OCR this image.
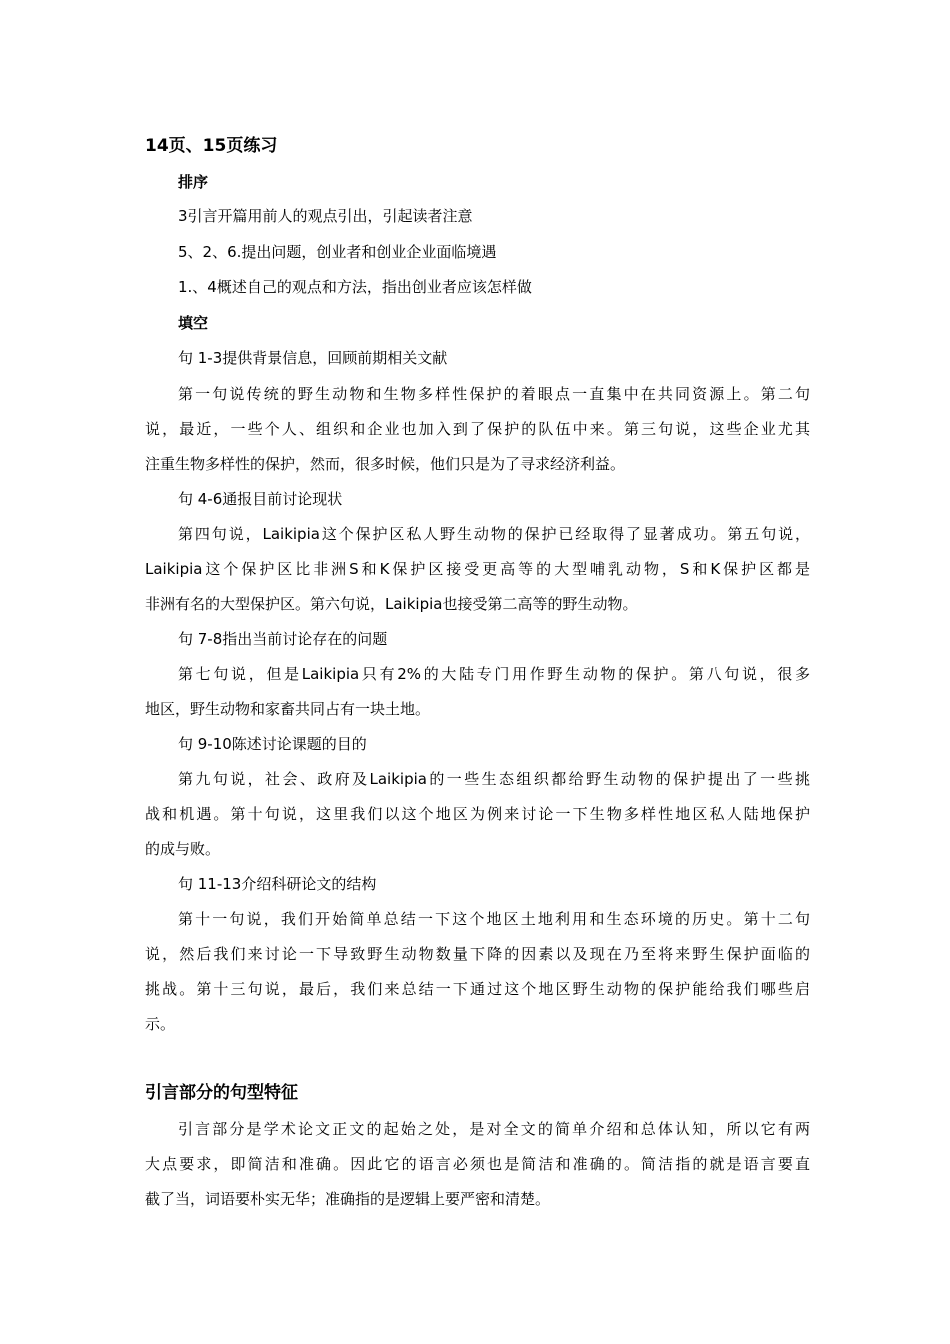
14页、15页练习
排序
3引言开篇用前人的观点引出，引起读者注意
5、2、6.提出问题，创业者和创业企业面临境遇
1.、4概述自己的观点和方法，指出创业者应该怎样做
填空
句 1-3提供背景信息，回顾前期相关文献
第一句说传统的野生动物和生物多样性保护的着眼点一直集中在共同资源上。第二句
说，最近，一些个人、组织和企业也加入到了保护的队伍中来。第三句说，这些企业尤其
注重生物多样性的保护，然而，很多时候，他们只是为了寻求经济利益。
句 4-6通报目前讨论现状
第四句说，Laikipia这个保护区私人野生动物的保护已经取得了显著成功。第五句说，
Laikipia这个保护区比非洲S和K保护区接受更高等的大型哺乳动物，S和K保护区都是
非洲有名的大型保护区。第六句说，Laikipia也接受第二高等的野生动物。
句 7-8指出当前讨论存在的问题
第七句说，但是Laikipia只有2%的大陆专门用作野生动物的保护。第八句说，很多
地区，野生动物和家畜共同占有一块土地。
句 9-10陈述讨论课题的目的
第九句说，社会、政府及Laikipia的一些生态组织都给野生动物的保护提出了一些挑
战和机遇。第十句说，这里我们以这个地区为例来讨论一下生物多样性地区私人陆地保护
的成与败。
句 11-13介绍科研论文的结构
第十一句说，我们开始简单总结一下这个地区土地利用和生态环境的历史。第十二句
说，然后我们来讨论一下导致野生动物数量下降的因素以及现在乃至将来野生保护面临的
挑战。第十三句说，最后，我们来总结一下通过这个地区野生动物的保护能给我们哪些启
示。
引言部分的句型特征
引言部分是学术论文正文的起始之处，是对全文的简单介绍和总体认知，所以它有两
大点要求，即简洁和准确。因此它的语言必须也是简洁和准确的。简洁指的就是语言要直
截了当，词语要朴实无华；准确指的是逻辑上要严密和清楚。
